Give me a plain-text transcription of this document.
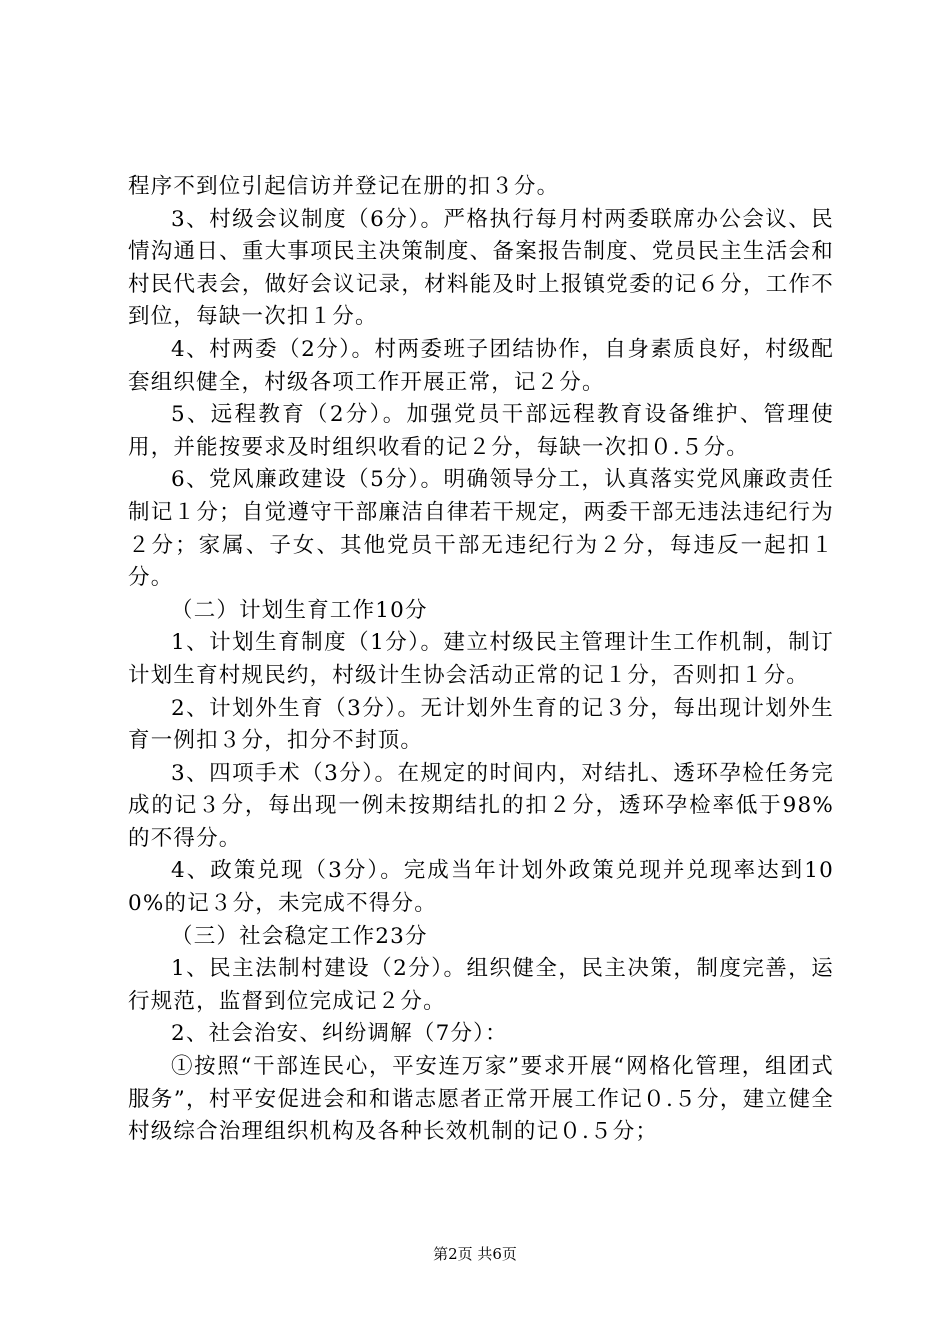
程序不到位引起信访并登记在册的扣３分。

3、村级会议制度（6分）。严格执行每月村两委联席办公会议、民情沟通日、重大事项民主决策制度、备案报告制度、党员民主生活会和村民代表会，做好会议记录，材料能及时上报镇党委的记６分，工作不到位，每缺一次扣１分。

4、村两委（2分）。村两委班子团结协作，自身素质良好，村级配套组织健全，村级各项工作开展正常，记２分。

5、远程教育（2分）。加强党员干部远程教育设备维护、管理使用，并能按要求及时组织收看的记２分，每缺一次扣０.５分。

6、党风廉政建设（5分）。明确领导分工，认真落实党风廉政责任制记１分；自觉遵守干部廉洁自律若干规定，两委干部无违法违纪行为２分；家属、子女、其他党员干部无违纪行为２分，每违反一起扣１分。

（二）计划生育工作10分

1、计划生育制度（1分）。建立村级民主管理计生工作机制，制订计划生育村规民约，村级计生协会活动正常的记１分，否则扣１分。

2、计划外生育（3分）。无计划外生育的记３分，每出现计划外生育一例扣３分，扣分不封顶。

3、四项手术（3分）。在规定的时间内，对结扎、透环孕检任务完成的记３分，每出现一例未按期结扎的扣２分，透环孕检率低于98%的不得分。

4、政策兑现（3分）。完成当年计划外政策兑现并兑现率达到100%的记３分，未完成不得分。

（三）社会稳定工作23分

1、民主法制村建设（2分）。组织健全，民主决策，制度完善，运行规范，监督到位完成记２分。

2、社会治安、纠纷调解（7分）：

①按照“干部连民心，平安连万家”要求开展“网格化管理，组团式服务”，村平安促进会和和谐志愿者正常开展工作记０.５分，建立健全村级综合治理组织机构及各种长效机制的记０.５分；

第2页 共6页
